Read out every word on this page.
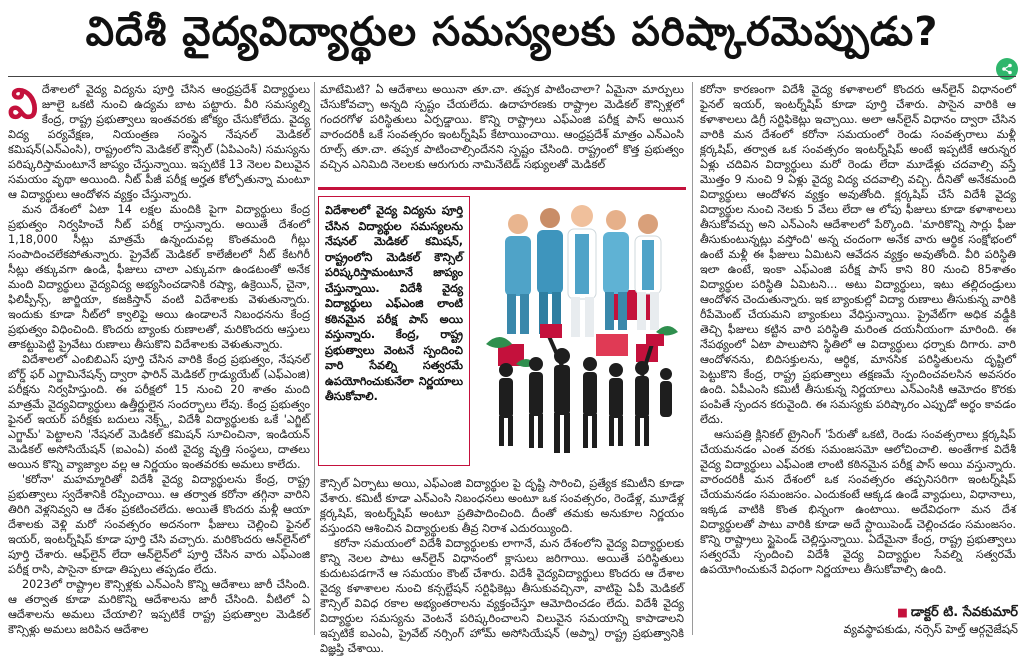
విదేశీ వైద్యవిద్యార్థుల సమస్యలకు పరిష్కారమెప్పుడు?

విదేశాలలో వైద్య విద్యను పూర్తి చేసిన ఆంధ్రప్రదేశ్ విద్యార్థులు జూలై ఒకటి నుంచి ఉద్యమ బాట పట్టారు. వీరి సమస్యల్ని కేంద్ర, రాష్ట్ర ప్రభుత్వాలు ఇంతవరకు జోక్యం చేసుకోలేదు. వైద్య విద్య పర్యవేక్షణ, నియంత్రణ సంస్థైన నేషనల్ మెడికల్ కమిషన్(ఎన్ఎంసి), రాష్ట్రంలోని మెడికల్ కౌన్సిల్ (ఏపిఎంసి) సమస్యను పరిష్కరిస్తామంటూనే జాప్యం చేస్తున్నాయి. ఇప్పటికే 13 నెలల విలువైన సమయం వృథా అయింది. నీట్ పీజీ పరీక్ష అర్హత కోల్పోతున్నా మంటూ ఆ విద్యార్థులు ఆందోళన వ్యక్తం చేస్తున్నారు.

మన దేశంలో ఏటా 14 లక్షల మందికి పైగా విద్యార్థులు కేంద్ర ప్రభుత్వం నిర్వహించే నీట్ పరీక్ష రాస్తున్నారు. అయితే దేశంలో 1,18,000 సీట్లు మాత్రమే ఉన్నందువల్ల కొంతమంది గీట్లు సంపాదించలేకపోతున్నారు. ప్రైవేట్ మెడికల్ కాలేజీలలో నీట్ కేటగిరీ సీట్లు తక్కువగా ఉండి, ఫీజులు చాలా ఎక్కువగా ఉండటంతో అనేక మంది విద్యార్థులు వైద్యవిద్య అభ్యసించడానికి రష్యా, ఉక్రెయిన్, చైనా, ఫిలిప్పీన్స్, జార్జియా, కజకిస్తాన్ వంటి విదేశాలకు వెళుతున్నారు. ఇందుకు కూడా నీట్‌లో క్వాలిఫై అయి ఉండాలనే నిబంధనను కేంద్ర ప్రభుత్వం విధించింది. కొందరు బ్యాంకు రుణాలతో, మరికొందరు ఆస్తులు తాకట్టుపెట్టి ప్రైవేటు రుణాలు తీసుకొని విదేశాలకు వెళుతున్నారు.

విదేశాలలో ఎంబిబిఎస్ పూర్తి చేసిన వారికి కేంద్ర ప్రభుత్వం, నేషనల్ బోర్డ్ ఫర్ ఎగ్జామినేషన్స్ ద్వారా ఫారిన్ మెడికల్ గ్రాడ్యుయేట్ (ఎఫ్ఎంజి) పరీక్షను నిర్వహిస్తుంది. ఈ పరీక్షలో 15 నుంచి 20 శాతం మంది మాత్రమే వైద్యవిద్యార్థులు ఉత్తీర్ణులైన సందర్భాలు లేవు. కేంద్ర ప్రభుత్వం ఫైనల్ ఇయర్ పరీక్షకు బదులు నెక్స్ట్, విదేశీ విద్యార్థులకు ఒకే 'ఎగ్జిట్ ఎగ్జామ్' పెట్టాలని 'నేషనల్ మెడికల్ కమిషన్ సూచించినా, ఇండియన్ మెడికల్ అసోసియేషన్ (ఐఎంఏ) వంటి వైద్య వృత్తి సంస్థలు, దాతలు అయిన కొన్ని వ్యాజ్యాల వల్ల ఆ నిర్ణయం ఇంతవరకు అమలు కాలేదు.

'కరోనా' మహమ్మారితో విదేశీ వైద్య విద్యార్థులను కేంద్ర, రాష్ట్ర ప్రభుత్వాలు స్వదేశానికి రప్పించాయి. ఆ తర్వాత కరోనా తగ్గినా వారిని తిరిగి వెళ్లనివ్వని ఆ దేశం ప్రకటించలేదు. అయితే కొందరు మళ్లీ ఆయా దేశాలకు వెళ్లి మరో సంవత్సరం అదనంగా ఫీజులు చెల్లించి ఫైనల్ ఇయర్, ఇంటర్న్‌షిప్ కూడా పూర్తి చేసి వచ్చారు. మరికొందరు ఆన్‌లైన్‌లో పూర్తి చేశారు. ఆఫ్‌లైన్ లేదా ఆన్‌లైన్‌లో పూర్తి చేసిన వారు ఎఫ్ఎంజి పరీక్ష రాసి, పాసైనా కూడా తిప్పలు తప్పడం లేదు.

2023లో రాష్ట్రాల కౌన్సిళ్లకు ఎన్ఎంసి కొన్ని ఆదేశాలు జారీ చేసింది. ఆ తర్వాత కూడా మరికొన్ని ఆదేశాలను జారీ చేసింది. వీటిలో ఏ ఆదేశాలను అమలు చేయాలి? ఇప్పటికే రాష్ట్ర ప్రభుత్వాల మెడికల్ కౌన్సిళ్లు అమలు జరిపిన ఆదేశాల

మాటేమిటి? ఏ ఆదేశాలు అయినా తూ.చా. తప్పక పాటించాలా? ఏమైనా మార్పులు చేసుకోవచ్చా అన్నది స్పష్టం చేయలేదు. ఉదాహరణకు రాష్ట్రాల మెడికల్ కౌన్సిళ్లలో గందరగోళ పరిస్థితులు ఏర్పడ్డాయి. కొన్ని రాష్ట్రాలు ఎఫ్ఎంజి పరీక్ష పాస్ అయిన వారందరికీ ఒకే సంవత్సరం ఇంటర్న్‌షిప్ కేటాయించాయి. ఆంధ్రప్రదేశ్ మాత్రం ఎన్ఎంసి రూల్స్ తూ.చా. తప్పక పాటించాల్సిందేనని స్పష్టం చేసింది. రాష్ట్రంలో కొత్త ప్రభుత్వం వచ్చిన ఎనిమిది నెలలకు ఆరుగురు నామినేటెడ్ సభ్యులతో మెడికల్

విదేశాలలో వైద్య విద్యను పూర్తి చేసిన విద్యార్థుల సమస్యలను నేషనల్ మెడికల్ కమిషన్, రాష్ట్రంలోని మెడికల్ కౌన్సిల్ పరిష్కరిస్తామంటూనే జాప్యం చేస్తున్నాయి. విదేశీ వైద్య విద్యార్థులు ఎఫ్ఎంజి లాంటి కఠినమైన పరీక్ష పాస్ అయి వస్తున్నారు. కేంద్ర, రాష్ట్ర ప్రభుత్వాలు వెంటనే స్పందించి వారి సేవల్ని సత్వరమే ఉపయోగించుకునేలా నిర్ణయాలు తీసుకోవాలి.

కౌన్సిల్ ఏర్పాటు అయి, ఎఫ్ఎంజి విద్యార్థుల పై దృష్టి సారించి, ప్రత్యేక కమిటీని కూడా వేశారు. కమిటీ కూడా ఎన్ఎంసి నిబంధనలు అంటూ ఒక సంవత్సరం, రెండేళ్ల, మూడేళ్ల క్లర్కషిప్, ఇంటర్న్‌షిప్ అంటూ ప్రతిపాదించింది. దీంతో తమకు అనుకూల నిర్ణయం వస్తుందని ఆశించిన విద్యార్థులకు తీవ్ర నిరాశ ఎదురయ్యింది.

కరోనా సమయంలో విదేశీ విద్యార్థులకు లాగానే, మన దేశంలోని వైద్య విద్యార్థులకు కొన్ని నెలల పాటు ఆన్‌లైన్ విధానంలో క్లాసులు జరిగాయి. అయితే పరిస్థితులు కుదుటపడగానే ఆ సమయం కౌంట్ చేశారు. విదేశీ వైద్యవిద్యార్థులు కొందరు ఆ దేశాల వైద్య కళాశాలల నుంచి కన్సల్టేషన్ సర్టిఫికెట్లు తీసుకువచ్చినా, వాటిపై ఏపీ మెడికల్ కౌన్సిల్ వివిధ రకాల అభ్యంతరాలను వ్యక్తంచేస్తూ ఆమోదించడం లేదు. విదేశీ వైద్య విద్యార్థుల సమస్యను వెంటనే పరిష్కరించాలని విలువైన సమయాన్ని కాపాడాలని ఇప్పటికే ఐఎంఏ, ప్రైవేట్ నర్సింగ్ హోమ్ అసోసియేషన్ (అప్నా) రాష్ట్ర ప్రభుత్వానికి విజ్ఞప్తి చేశాయి.

కరోనా కారణంగా విదేశీ వైద్య కళాశాలలో కొందరు ఆన్‌లైన్ విధానంలో ఫైనల్ ఇయర్, ఇంటర్న్‌షిప్ కూడా పూర్తి చేశారు. పాసైన వారికి ఆ కళాశాలలు డిగ్రీ సర్టిఫికెట్లు ఇచ్చాయి. అలా ఆన్‌లైన్ విధానం ద్వారా చేసిన వారికి మన దేశంలో కరోనా సమయంలో రెండు సంవత్సరాలు మళ్లీ క్లర్కషిప్, తర్వాత ఒక సంవత్సరం ఇంటర్న్‌షిప్ అంటే ఇప్పటికే ఆరున్నర ఏళ్లు చదివిన విద్యార్థులు మరో రెండు లేదా మూడేళ్లు చదవాల్సి వస్తే మొత్తం 9 నుంచి 9 ఏళ్లు వైద్య విద్య చదవాల్సి వచ్చి. దీనితో అనేకమంది విద్యార్థులు ఆందోళన వ్యక్తం అవుతోంది. క్లర్కషిప్ చేసే విదేశీ వైద్య విద్యార్థుల నుంచి నెలకు 5 వేలు లేదా ఆ లోపు ఫీజులు కూడా కళాశాలలు తీసుకోవచ్చు అని ఎన్ఎంసి ఆదేశాలలో పేర్కొంది. 'మారికొన్ని సార్లు ఫీజు తీసుకుంటున్నట్లు వస్తోంది' అన్న చందంగా అనేక వారు ఆర్థిక సంక్షోభంలో ఉంటే మళ్లీ ఈ ఫీజులు ఏమిటని ఆవేదన వ్యక్తం అవుతోంది. వీరి పరిస్థితి ఇలా ఉంటే, ఇంకా ఎఫ్ఎంజి పరీక్ష పాస్ కాని 80 నుంచి 85శాతం విద్యార్థుల పరిస్థితి ఏమిటని... అటు విద్యార్థులు, ఇటు తల్లిదండ్రులు ఆందోళన చెందుతున్నారు. ఇక బ్యాంకుల్లో విద్యా రుణాలు తీసుకున్న వారికి రీపేమెంట్ చేయమని బ్యాంకులు వేధిస్తున్నాయి. ప్రైవేట్‌గా అధిక వడ్డీకి తెచ్చి ఫీజులు కట్టిన వారి పరిస్థితి మరింత దయనీయంగా మారింది. ఈ నేపథ్యంలో ఏటా పాలుపోని స్థితిలో ఆ విద్యార్థులు ధర్నాకు దిగారు. వారి ఆందోళనను, బిదిసక్తులను, ఆర్థిక, మానసిక పరిస్థితులను దృష్టిలో పెట్టుకొని కేంద్ర, రాష్ట్ర ప్రభుత్వాలు తక్షణమే స్పందించవలసిన అవసరం ఉంది. ఏపీఎంసి కమిటీ తీసుకున్న నిర్ణయాలు ఎన్ఎంసికి ఆమోదం కొరకు పంపితే స్పందన కరువైంది. ఈ సమస్యకు పరిష్కారం ఎప్పుడో అర్థం కావడం లేదు.

ఆసుపత్రి క్లినికల్ ట్రైనింగ్ 'పేరుతో ఒకటి, రెండు సంవత్సరాలు క్లర్కషిప్ చేయమనడం ఎంత వరకు సమంజసమో ఆలోచించాలి. అంతేగాక విదేశీ వైద్య విద్యార్థులు ఎఫ్ఎంజి లాంటి కఠినమైన పరీక్ష పాస్ అయి వస్తున్నారు. వారందరికీ మన దేశంలో ఒక సంవత్సరం తప్పనిసరిగా ఇంటర్న్‌షిప్ చేయమనడం సమంజసం. ఎందుకంటే ఆక్కడ ఉండే వ్యాధులు, విధానాలు, ఇక్కడ వాటికి కొంత భిన్నంగా ఉంటాయి. అదేవిధంగా మన దేశ విద్యార్థులతో పాటు వారికి కూడా అదే స్టాయిపెండ్ చెల్లించడం సమంజసం. కొన్ని రాష్ట్రాలు స్టైపెండ్ చెల్లిస్తున్నాయి. ఏదేమైనా కేంద్ర, రాష్ట్ర ప్రభుత్వాలు సత్వరమే స్పందించి విదేశీ వైద్య విద్యార్థుల సేవల్ని సత్వరమే ఉపయోగించుకునే విధంగా నిర్ణయాలు తీసుకోవాల్సి ఉంది.

■ డాక్టర్ టి. సేవకుమార్
వ్యవస్థాపకుడు, నర్సెస్ హెల్త్ ఆర్గనైజేషన్
